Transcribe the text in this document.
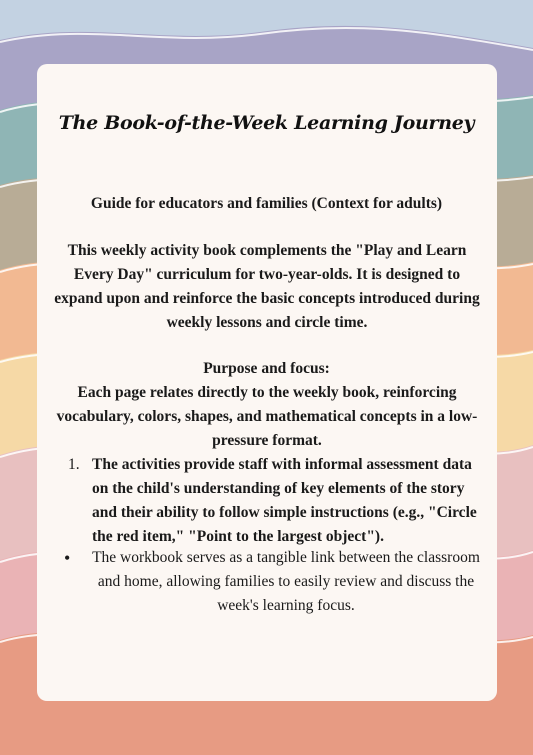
The Book-of-the-Week Learning Journey
Guide for educators and families (Context for adults)
This weekly activity book complements the "Play and Learn Every Day" curriculum for two-year-olds. It is designed to expand upon and reinforce the basic concepts introduced during weekly lessons and circle time.
Purpose and focus:
Each page relates directly to the weekly book, reinforcing vocabulary, colors, shapes, and mathematical concepts in a low-pressure format.
1. The activities provide staff with informal assessment data on the child's understanding of key elements of the story and their ability to follow simple instructions (e.g., "Circle the red item," "Point to the largest object").
• The workbook serves as a tangible link between the classroom and home, allowing families to easily review and discuss the week's learning focus.
